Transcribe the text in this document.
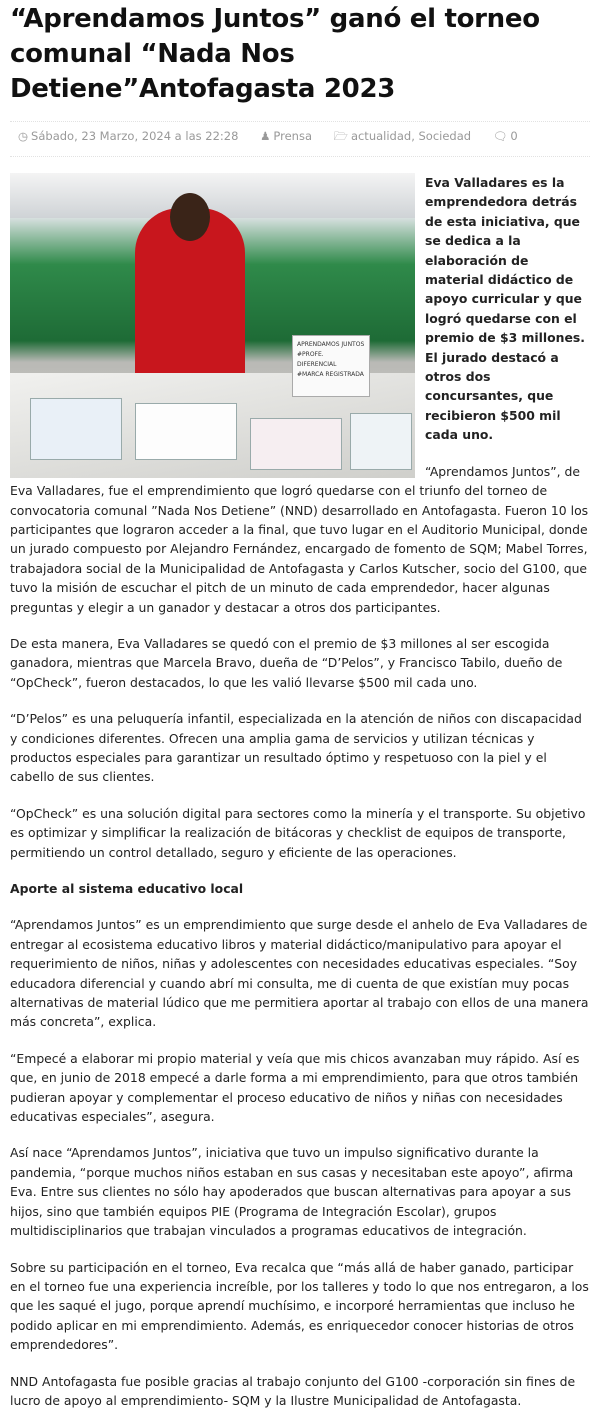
“Aprendamos Juntos” ganó el torneo comunal “Nada Nos Detiene”Antofagasta 2023
◷ Sábado, 23 Marzo, 2024 a las 22:28 ♟ Prensa 🗁 actualidad, Sociedad 🗨 0
APRENDAMOS JUNTOS
#PROFE. DIFERENCIAL
#MARCA REGISTRADA

Eva Valladares es la emprendedora detrás de esta iniciativa, que se dedica a la elaboración de material didáctico de apoyo curricular y que logró quedarse con el premio de $3 millones. El jurado destacó a otros dos concursantes, que recibieron $500 mil cada uno.

“Aprendamos Juntos”, de Eva Valladares, fue el emprendimiento que logró quedarse con el triunfo del torneo de convocatoria comunal ”Nada Nos Detiene” (NND) desarrollado en Antofagasta. Fueron 10 los participantes que lograron acceder a la final, que tuvo lugar en el Auditorio Municipal, donde un jurado compuesto por Alejandro Fernández, encargado de fomento de SQM; Mabel Torres, trabajadora social de la Municipalidad de Antofagasta y Carlos Kutscher, socio del G100, que tuvo la misión de escuchar el pitch de un minuto de cada emprendedor, hacer algunas preguntas y elegir a un ganador y destacar a otros dos participantes.

De esta manera, Eva Valladares se quedó con el premio de $3 millones al ser escogida ganadora, mientras que Marcela Bravo, dueña de “D’Pelos”, y Francisco Tabilo, dueño de “OpCheck”, fueron destacados, lo que les valió llevarse $500 mil cada uno.

“D’Pelos” es una peluquería infantil, especializada en la atención de niños con discapacidad y condiciones diferentes. Ofrecen una amplia gama de servicios y utilizan técnicas y productos especiales para garantizar un resultado óptimo y respetuoso con la piel y el cabello de sus clientes.

“OpCheck” es una solución digital para sectores como la minería y el transporte. Su objetivo es optimizar y simplificar la realización de bitácoras y checklist de equipos de transporte, permitiendo un control detallado, seguro y eficiente de las operaciones.

Aporte al sistema educativo local

“Aprendamos Juntos” es un emprendimiento que surge desde el anhelo de Eva Valladares de entregar al ecosistema educativo libros y material didáctico/manipulativo para apoyar el requerimiento de niños, niñas y adolescentes con necesidades educativas especiales. “Soy educadora diferencial y cuando abrí mi consulta, me di cuenta de que existían muy pocas alternativas de material lúdico que me permitiera aportar al trabajo con ellos de una manera más concreta”, explica.

“Empecé a elaborar mi propio material y veía que mis chicos avanzaban muy rápido. Así es que, en junio de 2018 empecé a darle forma a mi emprendimiento, para que otros también pudieran apoyar y complementar el proceso educativo de niños y niñas con necesidades educativas especiales”, asegura.

Así nace “Aprendamos Juntos”, iniciativa que tuvo un impulso significativo durante la pandemia, “porque muchos niños estaban en sus casas y necesitaban este apoyo”, afirma Eva. Entre sus clientes no sólo hay apoderados que buscan alternativas para apoyar a sus hijos, sino que también equipos PIE (Programa de Integración Escolar), grupos multidisciplinarios que trabajan vinculados a programas educativos de integración.

Sobre su participación en el torneo, Eva recalca que “más allá de haber ganado, participar en el torneo fue una experiencia increíble, por los talleres y todo lo que nos entregaron, a los que les saqué el jugo, porque aprendí muchísimo, e incorporé herramientas que incluso he podido aplicar en mi emprendimiento. Además, es enriquecedor conocer historias de otros emprendedores”.

NND Antofagasta fue posible gracias al trabajo conjunto del G100 -corporación sin fines de lucro de apoyo al emprendimiento- SQM y la Ilustre Municipalidad de Antofagasta.
